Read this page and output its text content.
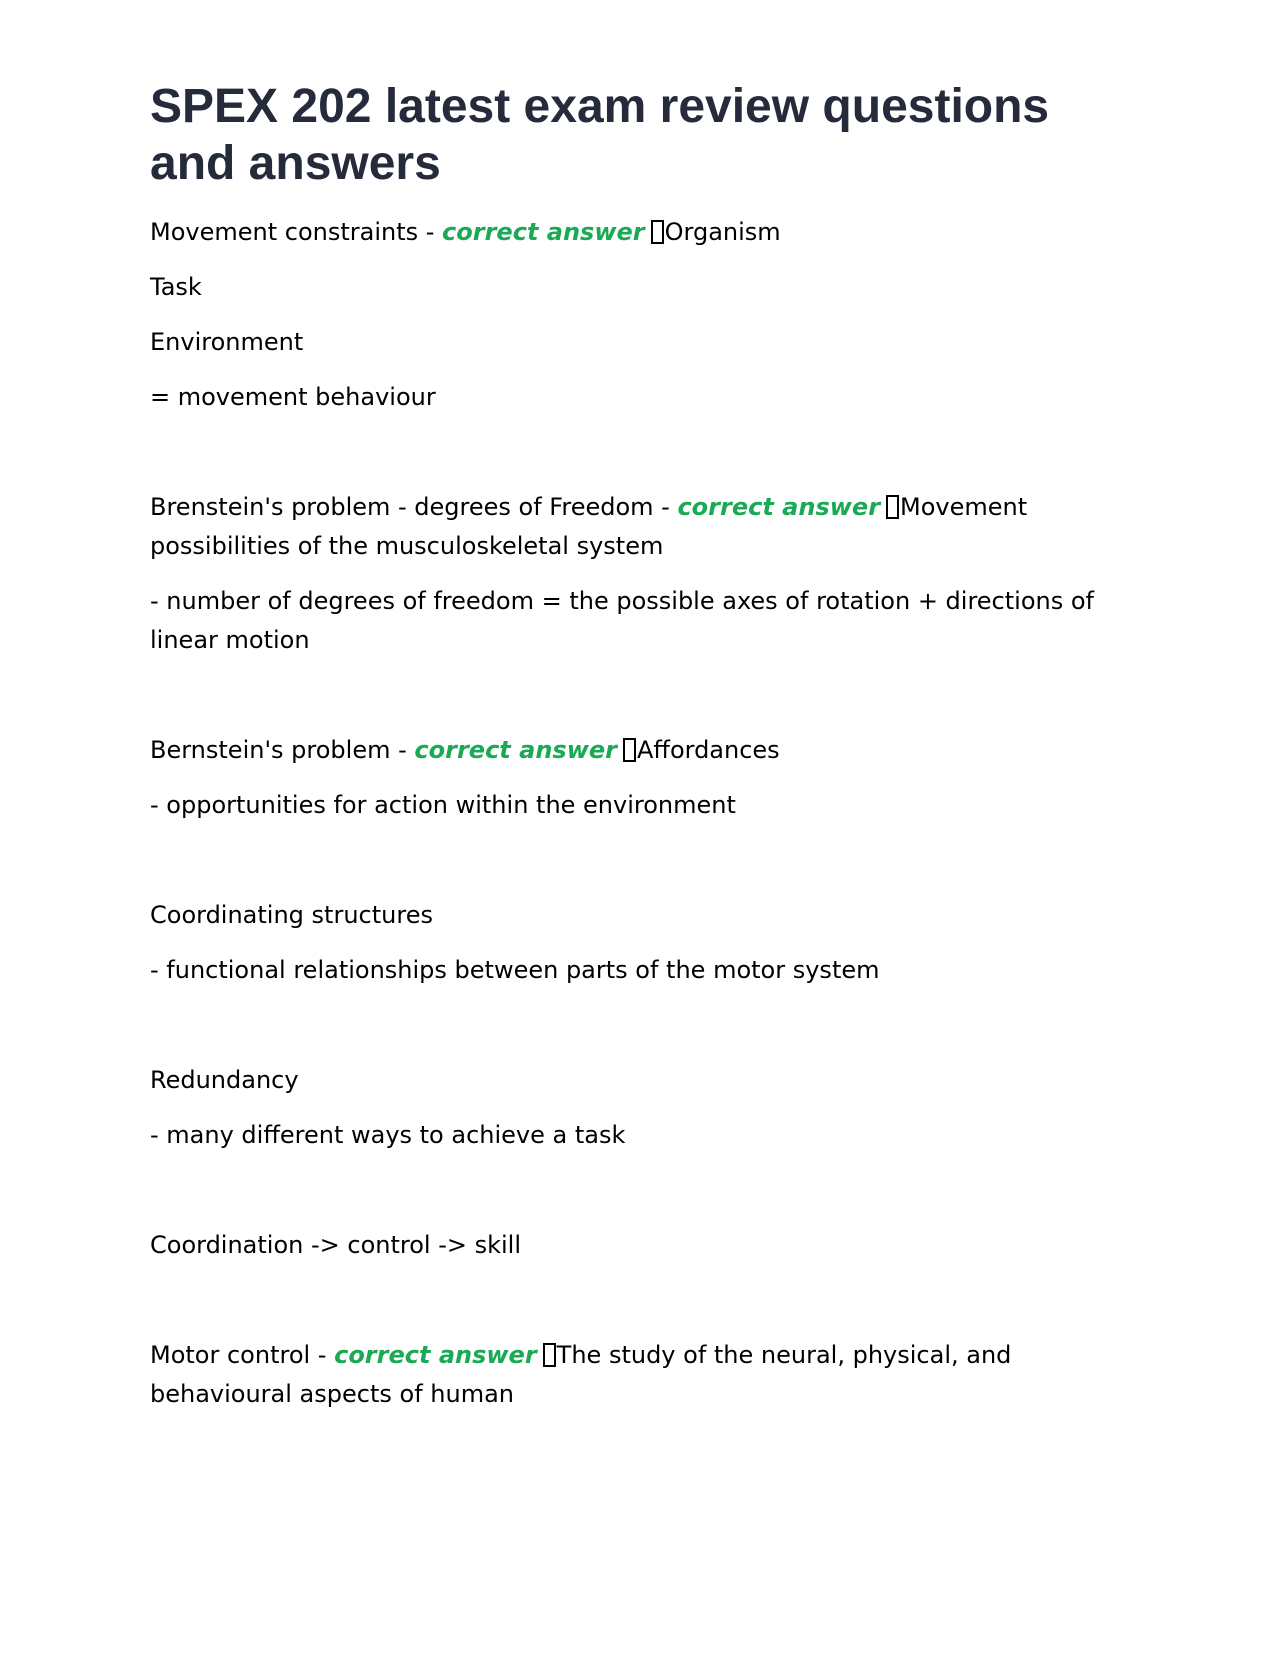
SPEX 202 latest exam review questions and answers

Movement constraints - correct answer Organism

Task

Environment

= movement behaviour

Brenstein's problem - degrees of Freedom - correct answer Movement possibilities of the musculoskeletal system

- number of degrees of freedom = the possible axes of rotation + directions of linear motion

Bernstein's problem - correct answer Affordances

- opportunities for action within the environment

Coordinating structures

- functional relationships between parts of the motor system

Redundancy

- many different ways to achieve a task

Coordination -> control -> skill

Motor control - correct answer The study of the neural, physical, and behavioural aspects of human
